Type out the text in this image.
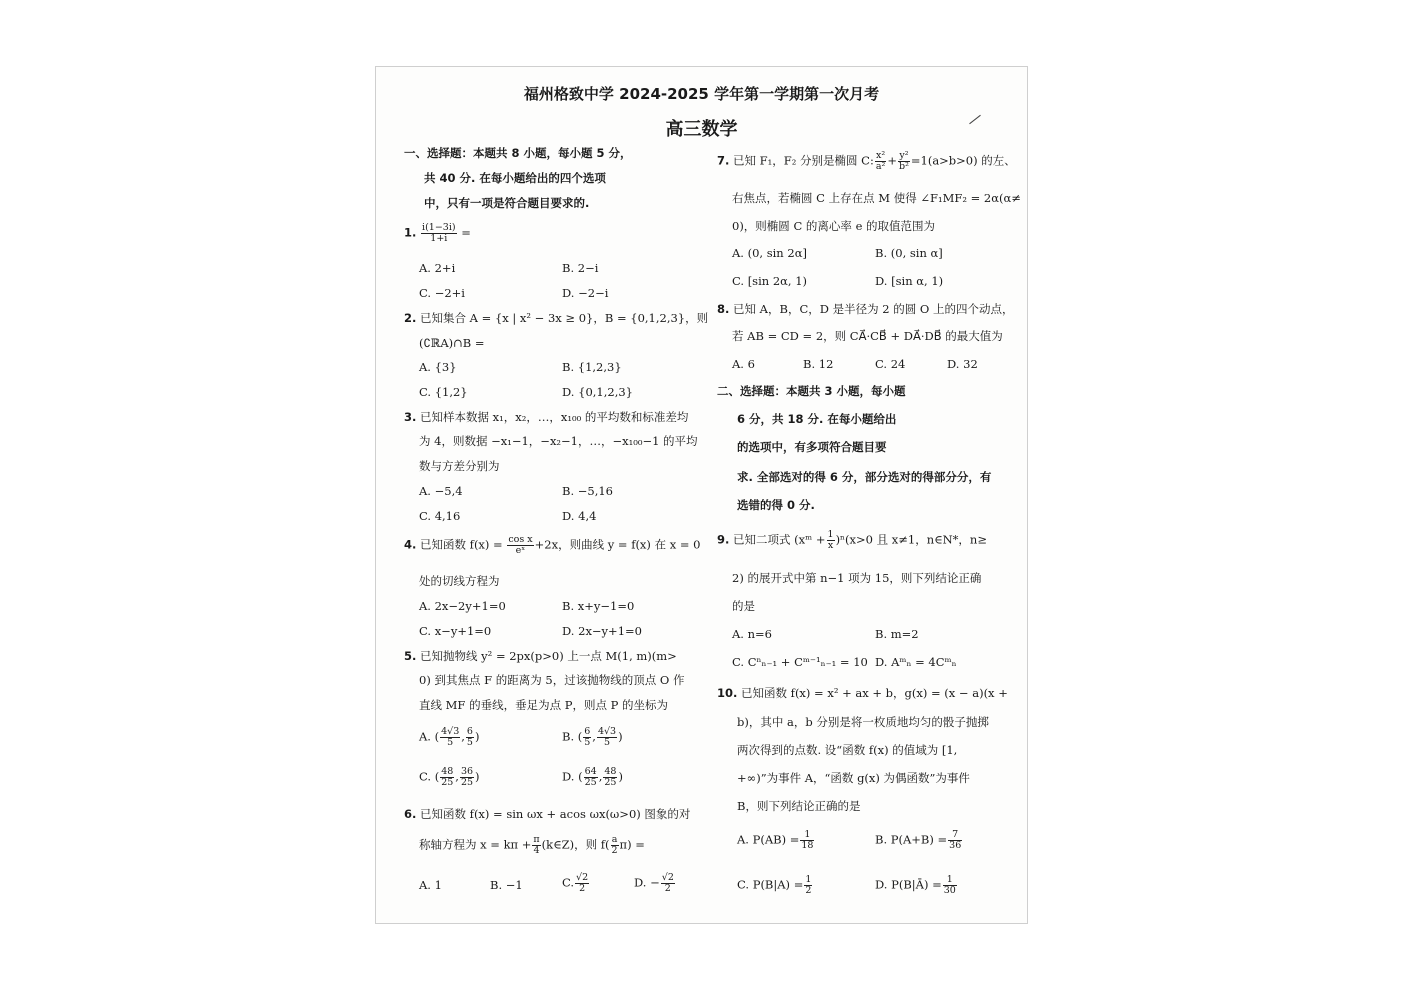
福州格致中学 2024-2025 学年第一学期第一次月考
高三数学
一、选择题：本题共 8 小题，每小题 5 分，
共 40 分. 在每小题给出的四个选项
中，只有一项是符合题目要求的.
1. $\frac{i(1-3i)}{1+i}$ =
A. 2+i	B. 2−i
C. −2+i	D. −2−i
2. 已知集合 A = {x | x² − 3x ≥ 0}，B = {0,1,2,3}，则
(∁ℝA)∩B =
A. {3}	B. {1,2,3}
C. {1,2}	D. {0,1,2,3}
3. 已知样本数据 x₁，x₂，…，x₁₀₀ 的平均数和标准差均
为 4，则数据 −x₁−1，−x₂−1，…，−x₁₀₀−1 的平均
数与方差分别为
A. −5,4	B. −5,16
C. 4,16	D. 4,4
4. 已知函数 $f(x) = \frac{\text{cos x}}{\text{eˣ}} +2x$，则曲线 y = f(x) 在 x = 0
处的切线方程为
A. 2x−2y+1=0	B. x+y−1=0
C. x−y+1=0	D. 2x−y+1=0
5. 已知抛物线 y² = 2px(p>0) 上一点 M(1, m)(m>
0) 到其焦点 F 的距离为 5，过该抛物线的顶点 O 作
直线 MF 的垂线，垂足为点 P，则点 P 的坐标为
A. ( $\frac{4√3}{5}$ , $\frac{6}{5}$ )	B. ( $\frac{6}{5}$ , $\frac{4√3}{5}$ )
C. ( $\frac{48}{25}$ , $\frac{36}{25}$ )	D. ( $\frac{64}{25}$ , $\frac{48}{25}$ )
6. 已知函数 f(x) = sin ωx + acos ωx(ω>0) 图象的对
称轴方程为 $x = k\pi + \frac{\pi}{4}$ (k∈Z)，则 $f( \frac{a}{2} \pi)$ =
A. 1	B. −1	C. $\frac{√2}{2}$	D. − $\frac{√2}{2}$
7. 已知 F₁，F₂ 分别是椭圆 C: $\frac{\text{x²}}{\text{a²}} + \frac{\text{y²}}{\text{b²}} =1(a>b>0)$ 的左、
右焦点，若椭圆 C 上存在点 M 使得 ∠F₁MF₂ = 2α(α≠
0)，则椭圆 C 的离心率 e 的取值范围为
A. (0, sin 2α]	B. (0, sin α]
C. [sin 2α, 1)	D. [sin α, 1)
8. 已知 A，B，C，D 是半径为 2 的圆 O 上的四个动点，
若 AB = CD = 2，则 CA⃗·CB⃗ + DA⃗·DB⃗ 的最大值为
A. 6	B. 12	C. 24	D. 32
二、选择题：本题共 3 小题，每小题
6 分，共 18 分. 在每小题给出
的选项中，有多项符合题目要
求. 全部选对的得 6 分，部分选对的得部分分，有
选错的得 0 分.
9. 已知二项式 (xᵐ + $\frac{1}{x} )^n(x>0$ 且 x≠1，n∈N*，n≥
2) 的展开式中第 n−1 项为 15，则下列结论正确
的是
A. n=6	B. m=2
C. Cⁿₙ₋₁ + Cᵐ⁻¹ₙ₋₁ = 10 D. Aᵐₙ = 4Cᵐₙ
10. 已知函数 f(x) = x² + ax + b，g(x) = (x − a)(x +
b)，其中 a，b 分别是将一枚质地均匀的骰子抛掷
两次得到的点数. 设“函数 f(x) 的值域为 [1,
+∞)”为事件 A，“函数 g(x) 为偶函数”为事件
B，则下列结论正确的是
A. $P(AB) = \frac{1}{18}$	B. $P(A+B) = \frac{7}{36}$
C. $P(B|A) = \frac{1}{2}$	D. P(B|Ā) = $\frac{1}{30}$
